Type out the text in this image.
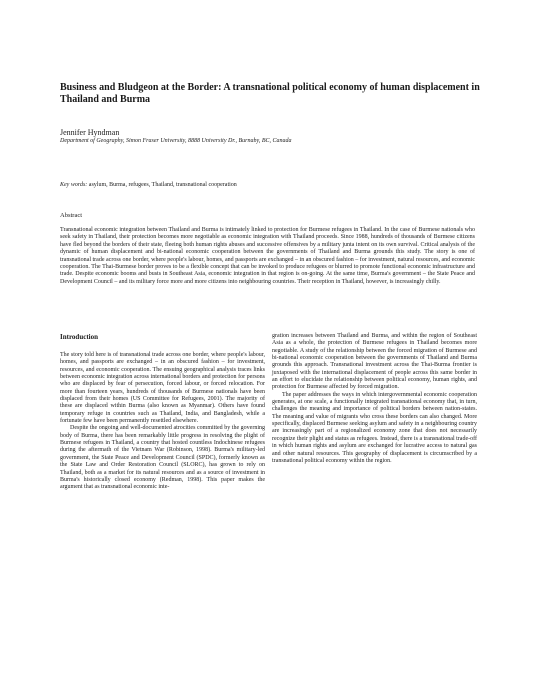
Business and Bludgeon at the Border: A transnational political economy of human displacement in Thailand and Burma
Jennifer Hyndman
Department of Geography, Simon Fraser University, 8888 University Dr., Burnaby, BC, Canada
Key words: asylum, Burma, refugees, Thailand, transnational cooperation
Abstract
Transnational economic integration between Thailand and Burma is intimately linked to protection for Burmese refugees in Thailand. In the case of Burmese nationals who seek safety in Thailand, their protection becomes more negotiable as economic integration with Thailand proceeds. Since 1988, hundreds of thousands of Burmese citizens have fled beyond the borders of their state, fleeing both human rights abuses and successive offensives by a military junta intent on its own survival. Critical analysis of the dynamic of human displacement and bi-national economic cooperation between the governments of Thailand and Burma grounds this study. The story is one of transnational trade across one border, where people's labour, homes, and passports are exchanged – in an obscured fashion – for investment, natural resources, and economic cooperation. The Thai-Burmese border proves to be a flexible concept that can be invoked to produce refugees or blurred to promote functional economic infrastructure and trade. Despite economic booms and busts in Southeast Asia, economic integration in that region is on-going. At the same time, Burma's government – the State Peace and Development Council – and its military force more and more citizens into neighbouring countries. Their reception in Thailand, however, is increasingly chilly.
Introduction

The story told here is of transnational trade across one border, where people's labour, homes, and passports are exchanged – in an obscured fashion – for investment, resources, and economic cooperation. The ensuing geographical analysis traces links between economic integration across international borders and protection for persons who are displaced by fear of persecution, forced labour, or forced relocation. For more than fourteen years, hundreds of thousands of Burmese nationals have been displaced from their homes (US Committee for Refugees, 2001). The majority of these are displaced within Burma (also known as Myanmar). Others have found temporary refuge in countries such as Thailand, India, and Bangladesh, while a fortunate few have been permanently resettled elsewhere.

Despite the ongoing and well-documented atrocities committed by the governing body of Burma, there has been remarkably little progress in resolving the plight of Burmese refugees in Thailand, a country that hosted countless Indochinese refugees during the aftermath of the Vietnam War (Robinson, 1998). Burma's military-led government, the State Peace and Development Council (SPDC), formerly known as the State Law and Order Restoration Council (SLORC), has grown to rely on Thailand, both as a market for its natural resources and as a source of investment in Burma's historically closed economy (Redman, 1998). This paper makes the argument that as transnational economic inte-

gration increases between Thailand and Burma, and within the region of Southeast Asia as a whole, the protection of Burmese refugees in Thailand becomes more negotiable. A study of the relationship between the forced migration of Burmese and bi-national economic cooperation between the governments of Thailand and Burma grounds this approach. Transnational investment across the Thai-Burma frontier is juxtaposed with the international displacement of people across this same border in an effort to elucidate the relationship between political economy, human rights, and protection for Burmese affected by forced migration.

The paper addresses the ways in which intergovernmental economic cooperation generates, at one scale, a functionally integrated transnational economy that, in turn, challenges the meaning and importance of political borders between nation-states. The meaning and value of migrants who cross these borders can also changed. More specifically, displaced Burmese seeking asylum and safety in a neighbouring country are increasingly part of a regionalized economy zone that does not necessarily recognize their plight and status as refugees. Instead, there is a transnational trade-off in which human rights and asylum are exchanged for lucrative access to natural gas and other natural resources. This geography of displacement is circumscribed by a transnational political economy within the region.
